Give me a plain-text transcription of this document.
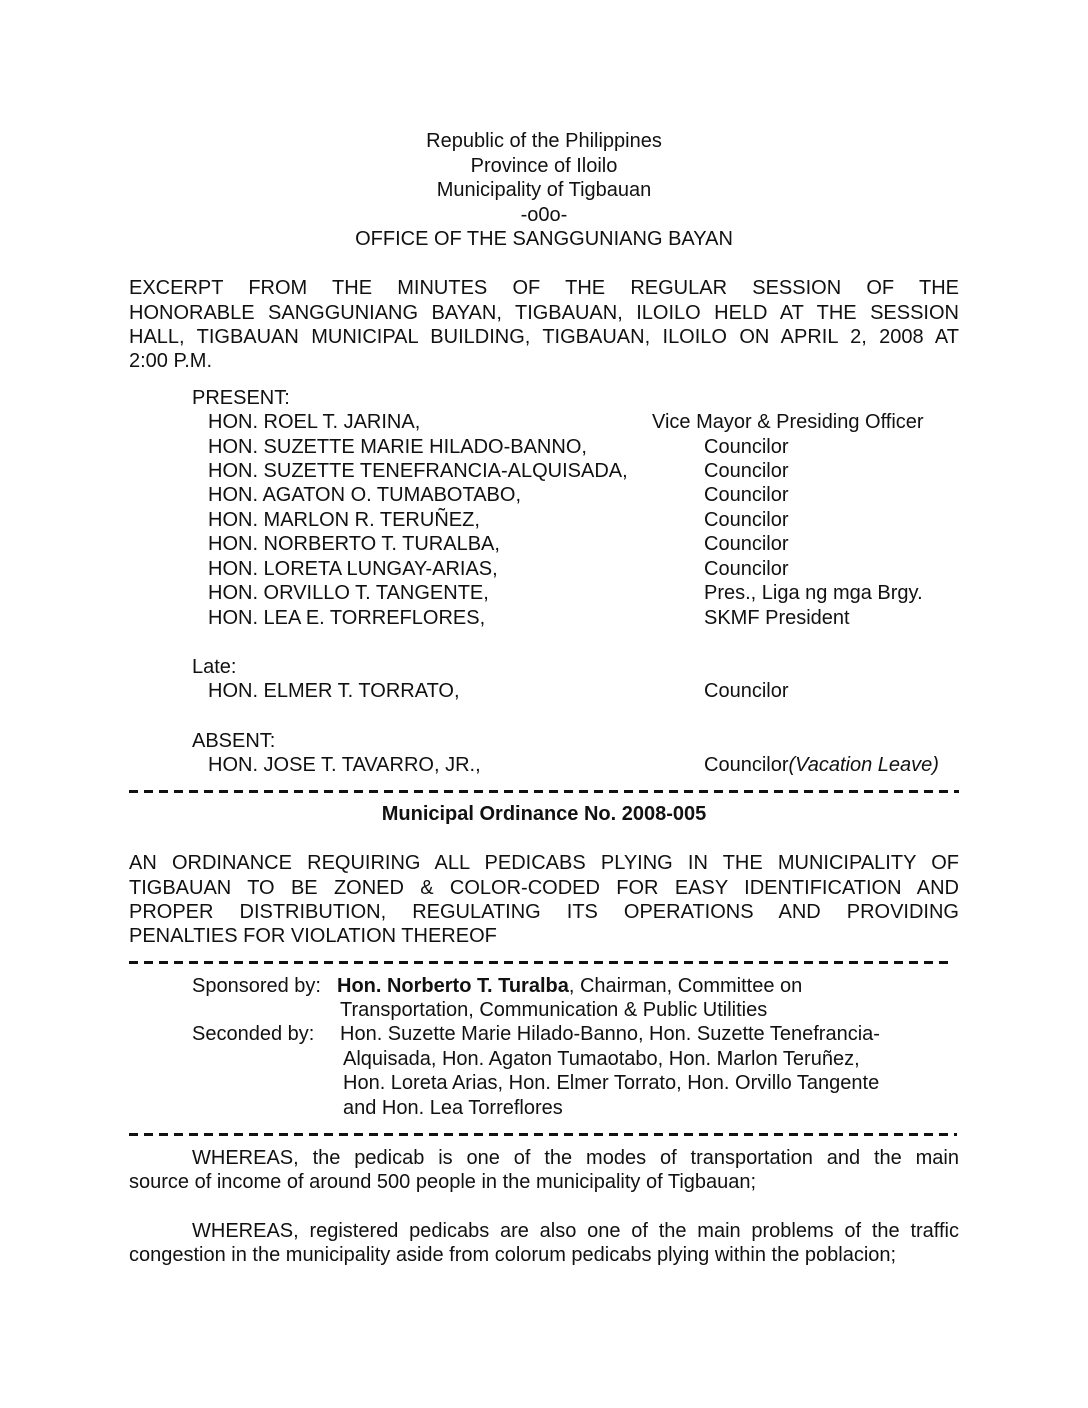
Republic of the Philippines
Province of Iloilo
Municipality of Tigbauan
-o0o-
OFFICE OF THE SANGGUNIANG BAYAN
EXCERPT FROM THE MINUTES OF THE REGULAR SESSION OF THE
HONORABLE SANGGUNIANG BAYAN, TIGBAUAN, ILOILO HELD AT THE SESSION
HALL, TIGBAUAN MUNICIPAL BUILDING, TIGBAUAN, ILOILO ON APRIL 2, 2008 AT
2:00 P.M.
PRESENT:
HON. ROEL T. JARINA,	Vice Mayor & Presiding Officer
HON. SUZETTE MARIE HILADO-BANNO,	Councilor
HON. SUZETTE TENEFRANCIA-ALQUISADA,	Councilor
HON. AGATON O. TUMABOTABO,	Councilor
HON. MARLON R. TERUÑEZ,	Councilor
HON. NORBERTO T. TURALBA,	Councilor
HON. LORETA LUNGAY-ARIAS,	Councilor
HON. ORVILLO T. TANGENTE,	Pres., Liga ng mga Brgy.
HON. LEA E. TORREFLORES,	SKMF President
Late:
HON. ELMER T. TORRATO,	Councilor
ABSENT:
HON. JOSE T. TAVARRO, JR.,	Councilor(Vacation Leave)
Municipal Ordinance No. 2008-005
AN ORDINANCE REQUIRING ALL PEDICABS PLYING IN THE MUNICIPALITY OF
TIGBAUAN TO BE ZONED & COLOR-CODED FOR EASY IDENTIFICATION AND
PROPER DISTRIBUTION, REGULATING ITS OPERATIONS AND PROVIDING
PENALTIES FOR VIOLATION THEREOF
Sponsored by: Hon. Norberto T. Turalba, Chairman, Committee on
Transportation, Communication & Public Utilities
Seconded by: Hon. Suzette Marie Hilado-Banno, Hon. Suzette Tenefrancia-
Alquisada, Hon. Agaton Tumaotabo, Hon. Marlon Teruñez,
Hon. Loreta Arias, Hon. Elmer Torrato, Hon. Orvillo Tangente
and Hon. Lea Torreflores
WHEREAS, the pedicab is one of the modes of transportation and the main
source of income of around 500 people in the municipality of Tigbauan;
WHEREAS, registered pedicabs are also one of the main problems of the traffic
congestion in the municipality aside from colorum pedicabs plying within the poblacion;
